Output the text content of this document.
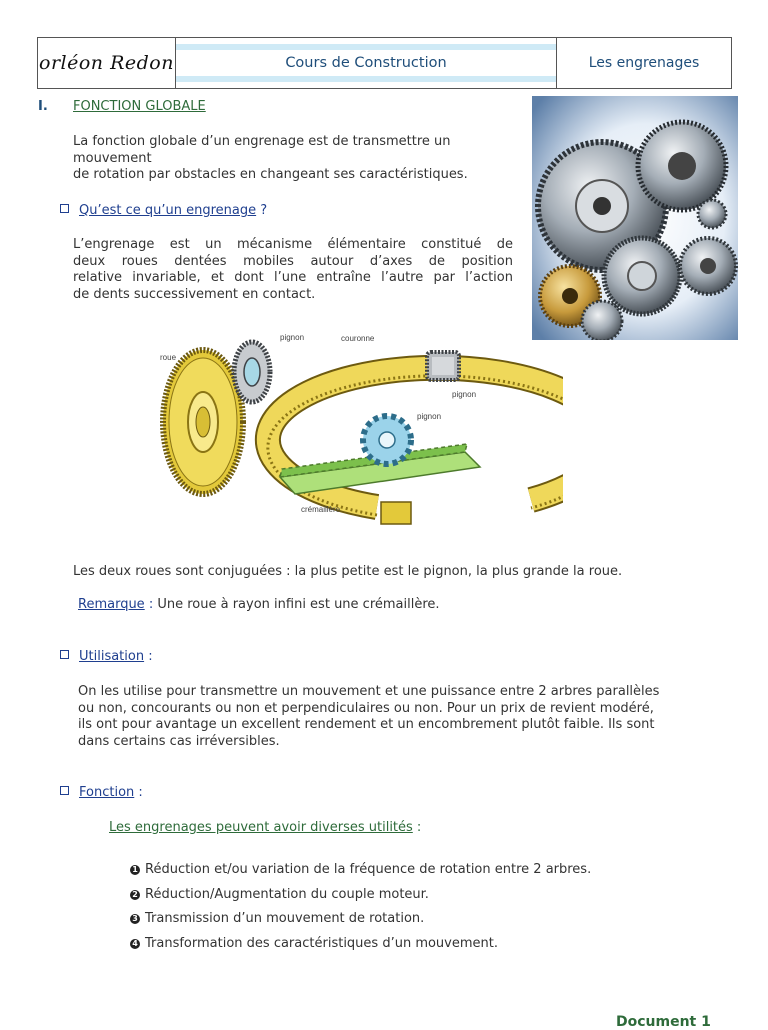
orléon Redon	Cours de Construction	Les engrenages
I. FONCTION GLOBALE
La fonction globale d’un engrenage est de transmettre un mouvement
de rotation par obstacles en changeant ses caractéristiques.
Qu’est ce qu’un engrenage ?
L’engrenage est un mécanisme élémentaire constitué de
deux roues dentées mobiles autour d’axes de position
relative invariable, et dont l’une entraîne l’autre par l’action
de dents successivement en contact.
roue
pignon	couronne
pignon
pignon
crémaillère
Les deux roues sont conjuguées : la plus petite est le pignon, la plus grande la roue.
Remarque : Une roue à rayon infini est une crémaillère.
Utilisation :
On les utilise pour transmettre un mouvement et une puissance entre 2 arbres parallèles
ou non, concourants ou non et perpendiculaires ou non. Pour un prix de revient modéré,
ils ont pour avantage un excellent rendement et un encombrement plutôt faible. Ils sont
dans certains cas irréversibles.
Fonction :
Les engrenages peuvent avoir diverses utilités :
1 Réduction et/ou variation de la fréquence de rotation entre 2 arbres.
2 Réduction/Augmentation du couple moteur.
3 Transmission d’un mouvement de rotation.
4 Transformation des caractéristiques d’un mouvement.
Document 1
